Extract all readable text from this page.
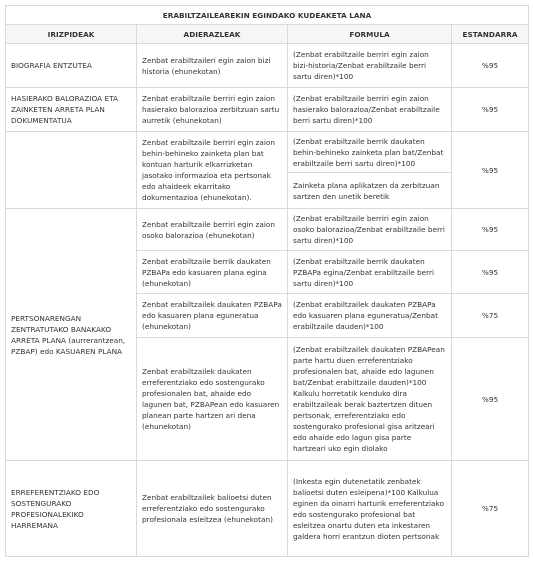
ERABILTZAILEAREKIN EGINDAKO KUDEAKETA LANA			
IRIZPIDEAK	ADIERAZLEAK	FORMULA	ESTANDARRA
BIOGRAFIA ENTZUTEA	Zenbat erabiltzaileri egin zaion bizi historia (ehunekotan)	(Zenbat erabiltzaile berriri egin zaion bizi-historia/Zenbat erabiltzaile berri sartu diren)*100	%95
HASIERAKO BALORAZIOA ETA ZAINKETEN ARRETA PLAN DOKUMENTATUA	Zenbat erabiltzaile berriri egin zaion hasierako balorazioa zerbitzuan sartu aurretik (ehunekotan)	(Zenbat erabiltzaile berriri egin zaion hasierako balorazioa/Zenbat erabiltzaile berri sartu diren)*100	%95
	Zenbat erabiltzaile berriri egin zaion behin-behineko zainketa plan bat kontuan harturik elkarrizketan jasotako informazioa eta pertsonak edo ahaideek ekarritako dokumentazioa (ehunekotan).	(Zenbat erabiltzaile berrik daukaten behin-behineko zainketa plan bat/Zenbat erabiltzaile berri sartu diren)*100	%95
		Zainketa plana aplikatzen da zerbitzuan sartzen den unetik beretik	
PERTSONARENGAN ZENTRATUTAKO BANAKAKO ARRETA PLANA (aurrerantzean, PZBAP) edo KASUAREN PLANA	Zenbat erabiltzaile berriri egin zaion osoko balorazioa (ehunekotan)	(Zenbat erabiltzaile berriri egin zaion osoko balorazioa/Zenbat erabiltzaile berri sartu diren)*100	%95
	Zenbat erabiltzaile berrik daukaten PZBAPa edo kasuaren plana egina (ehunekotan)	(Zenbat erabiltzaile berrik daukaten PZBAPa egina/Zenbat erabiltzaile berri sartu diren)*100	%95
	Zenbat erabiltzailek daukaten PZBAPa edo kasuaren plana eguneratua (ehunekotan)	(Zenbat erabiltzailek daukaten PZBAPa edo kasuaren plana eguneratua/Zenbat erabiltzaile dauden)*100	%75
	Zenbat erabiltzailek daukaten erreferentziako edo sostengurako profesionalen bat, ahaide edo lagunen bat, PZBAPean edo kasuaren planean parte hartzen ari dena (ehunekotan)	(Zenbat erabiltzailek daukaten PZBAPean parte hartu duen erreferentziako profesionalen bat, ahaide edo lagunen bat/Zenbat erabiltzaile dauden)*100 Kalkulu horretatik kenduko dira erabiltzaileak berak baztertzen dituen pertsonak, erreferentziako edo sostengurako profesional gisa aritzeari edo ahaide edo lagun gisa parte hartzeari uko egin diolako	%95
ERREFERENTZIAKO EDO SOSTENGURAKO PROFESIONALEKIKO HARREMANA	Zenbat erabiltzailek balioetsi duten erreferentziako edo sostengurako profesionala esleitzea (ehunekotan)	(Inkesta egin dutenetatik zenbatek balioetsi duten esleipena)*100 Kalkulua eginen da oinarri harturik erreferentziako edo sostengurako profesional bat esleitzea onartu duten eta inkestaren galdera horri erantzun dioten pertsonak	%75
